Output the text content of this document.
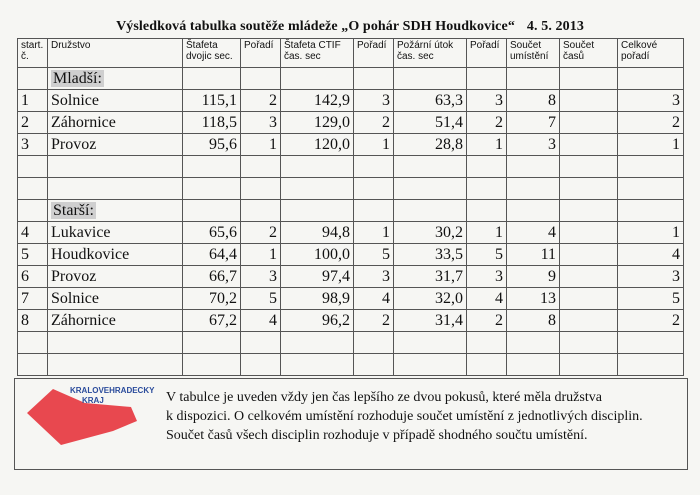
Výsledková tabulka soutěže mládeže „O pohár SDH Houdkovice“ 4. 5. 2013
start. č.	Družstvo	Štafeta dvojic sec.	Pořadí	Štafeta CTIF čas. sec	Pořadí	Požární útok čas. sec	Pořadí	Součet umístění	Součet časů	Celkové pořadí
	Mladší:									
1	Solnice	115,1	2	142,9	3	63,3	3	8		3
2	Záhornice	118,5	3	129,0	2	51,4	2	7		2
3	Provoz	95,6	1	120,0	1	28,8	1	3		1

	Starší:									
4	Lukavice	65,6	2	94,8	1	30,2	1	4		1
5	Houdkovice	64,4	1	100,0	5	33,5	5	11		4
6	Provoz	66,7	3	97,4	3	31,7	3	9		3
7	Solnice	70,2	5	98,9	4	32,0	4	13		5
8	Záhornice	67,2	4	96,2	2	31,4	2	8		2

KRALOVEHRADECKY
KRAJ	V tabulce je uveden vždy jen čas lepšího ze dvou pokusů, které měla družstva
k dispozici. O celkovém umístění rozhoduje součet umístění z jednotlivých disciplin.
Součet časů všech disciplin rozhoduje v případě shodného součtu umístění.
